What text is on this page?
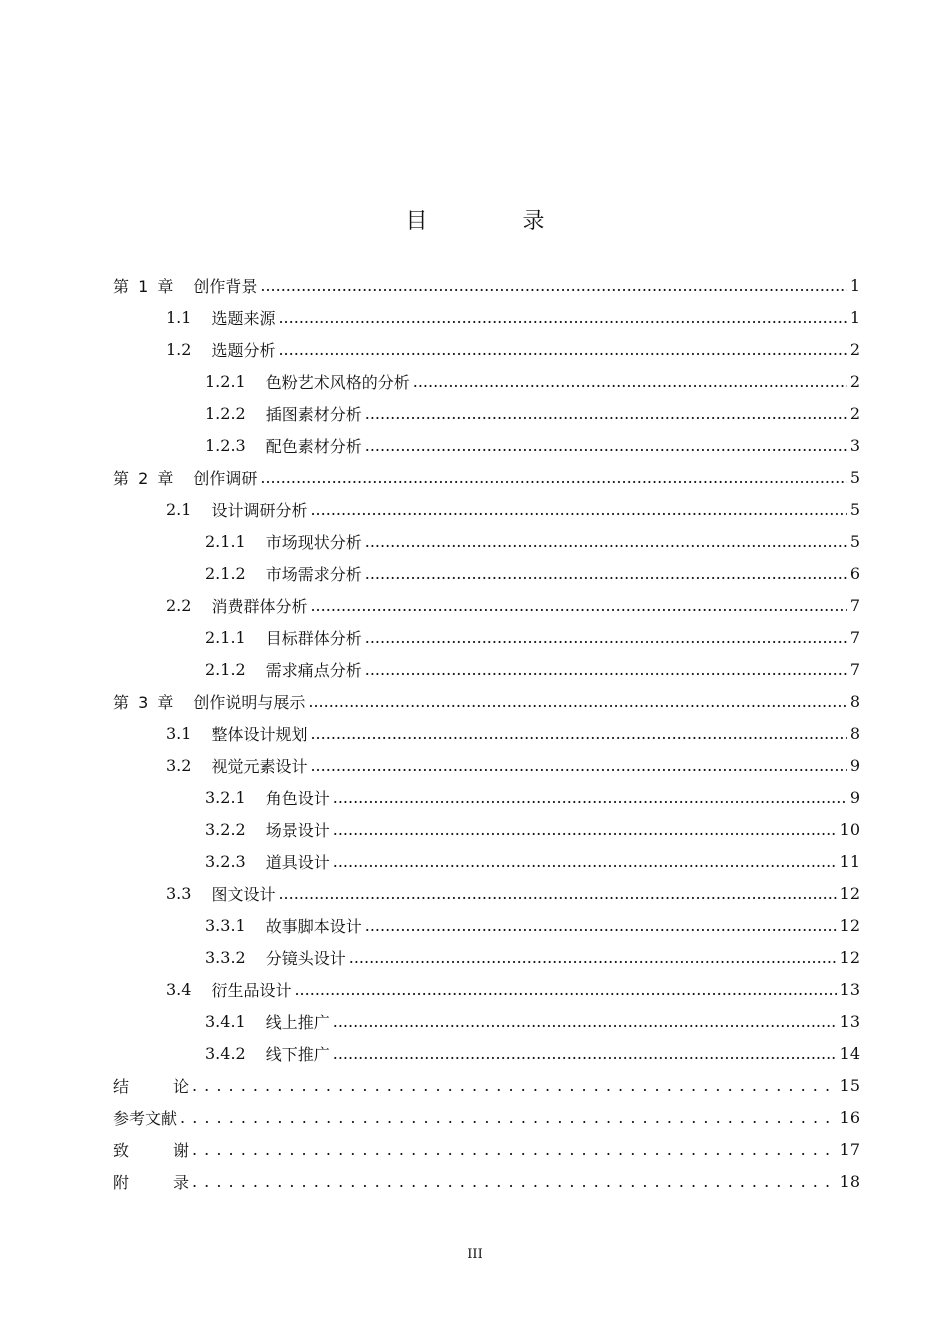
目 录
第 1 章 创作背景 .....	1
1.1 选题来源 .....	1
1.2 选题分析 .....	2
1.2.1 色粉艺术风格的分析 .....	2
1.2.2 插图素材分析 .....	2
1.2.3 配色素材分析 .....	3
第 2 章 创作调研 .....	5
2.1 设计调研分析 .....	5
2.1.1 市场现状分析 .....	5
2.1.2 市场需求分析 .....	6
2.2 消费群体分析 .....	7
2.1.1 目标群体分析 .....	7
2.1.2 需求痛点分析 .....	7
第 3 章 创作说明与展示 .....	8
3.1 整体设计规划 .....	8
3.2 视觉元素设计 .....	9
3.2.1 角色设计 .....	9
3.2.2 场景设计 .....	10
3.2.3 道具设计 .....	11
3.3 图文设计 .....	12
3.3.1 故事脚本设计 .....	12
3.3.2 分镜头设计 .....	12
3.4 衍生品设计 .....	13
3.4.1 线上推广 .....	13
3.4.2 线下推广 .....	14
结	论 . . .	15
参考文献 . . .	16
致	谢 . . .	17
附	录 . . .	18
III
